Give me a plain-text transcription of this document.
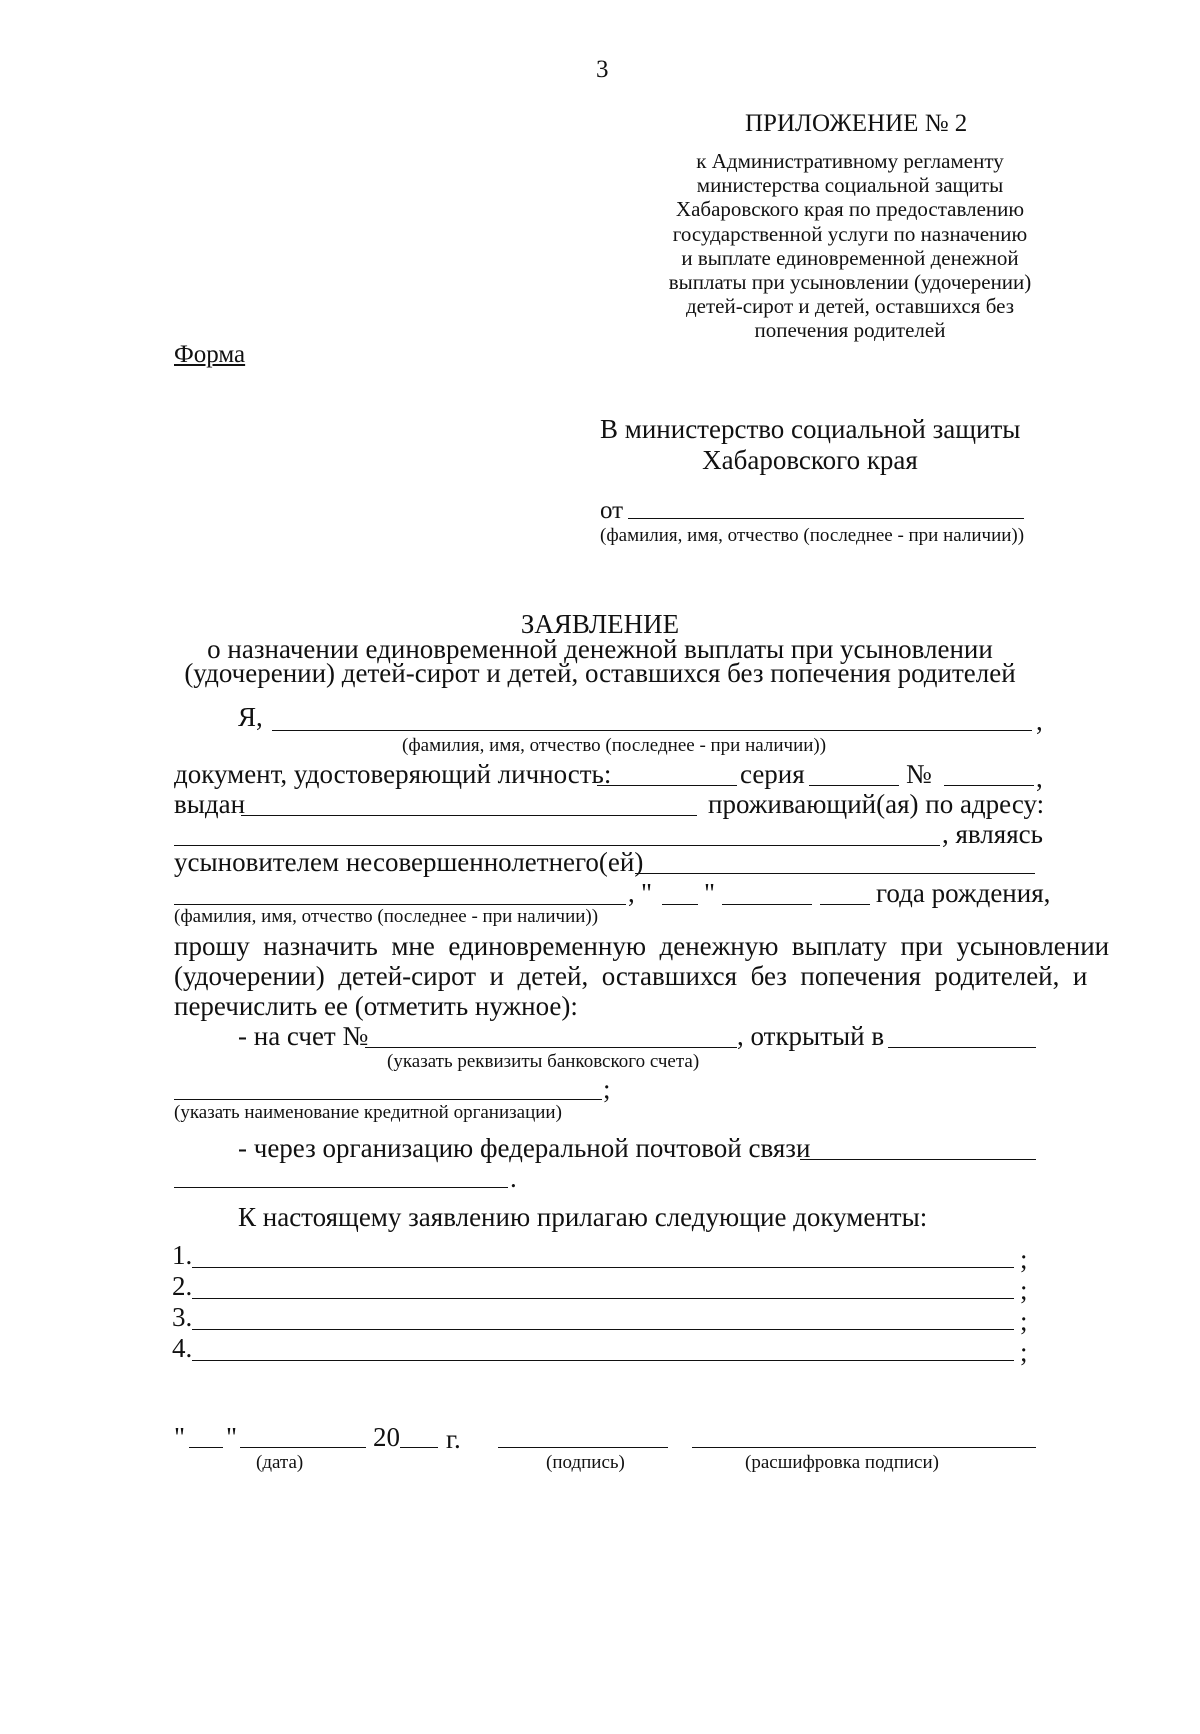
3
ПРИЛОЖЕНИЕ № 2
к Административному регламенту
министерства социальной защиты
Хабаровского края по предоставлению
государственной услуги по назначению
и выплате единовременной денежной
выплаты при усыновлении (удочерении)
детей-сирот и детей, оставшихся без
попечения родителей
Форма
В министерство социальной защиты
Хабаровского края
от
(фамилия, имя, отчество (последнее - при наличии))
ЗАЯВЛЕНИЕ
о назначении единовременной денежной выплаты при усыновлении
(удочерении) детей-сирот и детей, оставшихся без попечения родителей
Я,	,
(фамилия, имя, отчество (последнее - при наличии))
документ, удостоверяющий личность:	серия	№	,
выдан	проживающий(ая) по адресу:
, являясь
усыновителем несовершеннолетнего(ей)
, " "	года рождения,
(фамилия, имя, отчество (последнее - при наличии))
прошу  назначить  мне  единовременную  денежную  выплату  при  усыновлении
(удочерении)  детей-сирот  и  детей,  оставшихся  без  попечения  родителей,  и
перечислить ее (отметить нужное):
- на счет №	, открытый в
(указать реквизиты банковского счета)
;
(указать наименование кредитной организации)
- через организацию федеральной почтовой связи
.
К настоящему заявлению прилагаю следующие документы:
1.	;
2.	;
3.	;
4.	;
" "	20 г.
(дата)	(подпись)	(расшифровка подписи)
